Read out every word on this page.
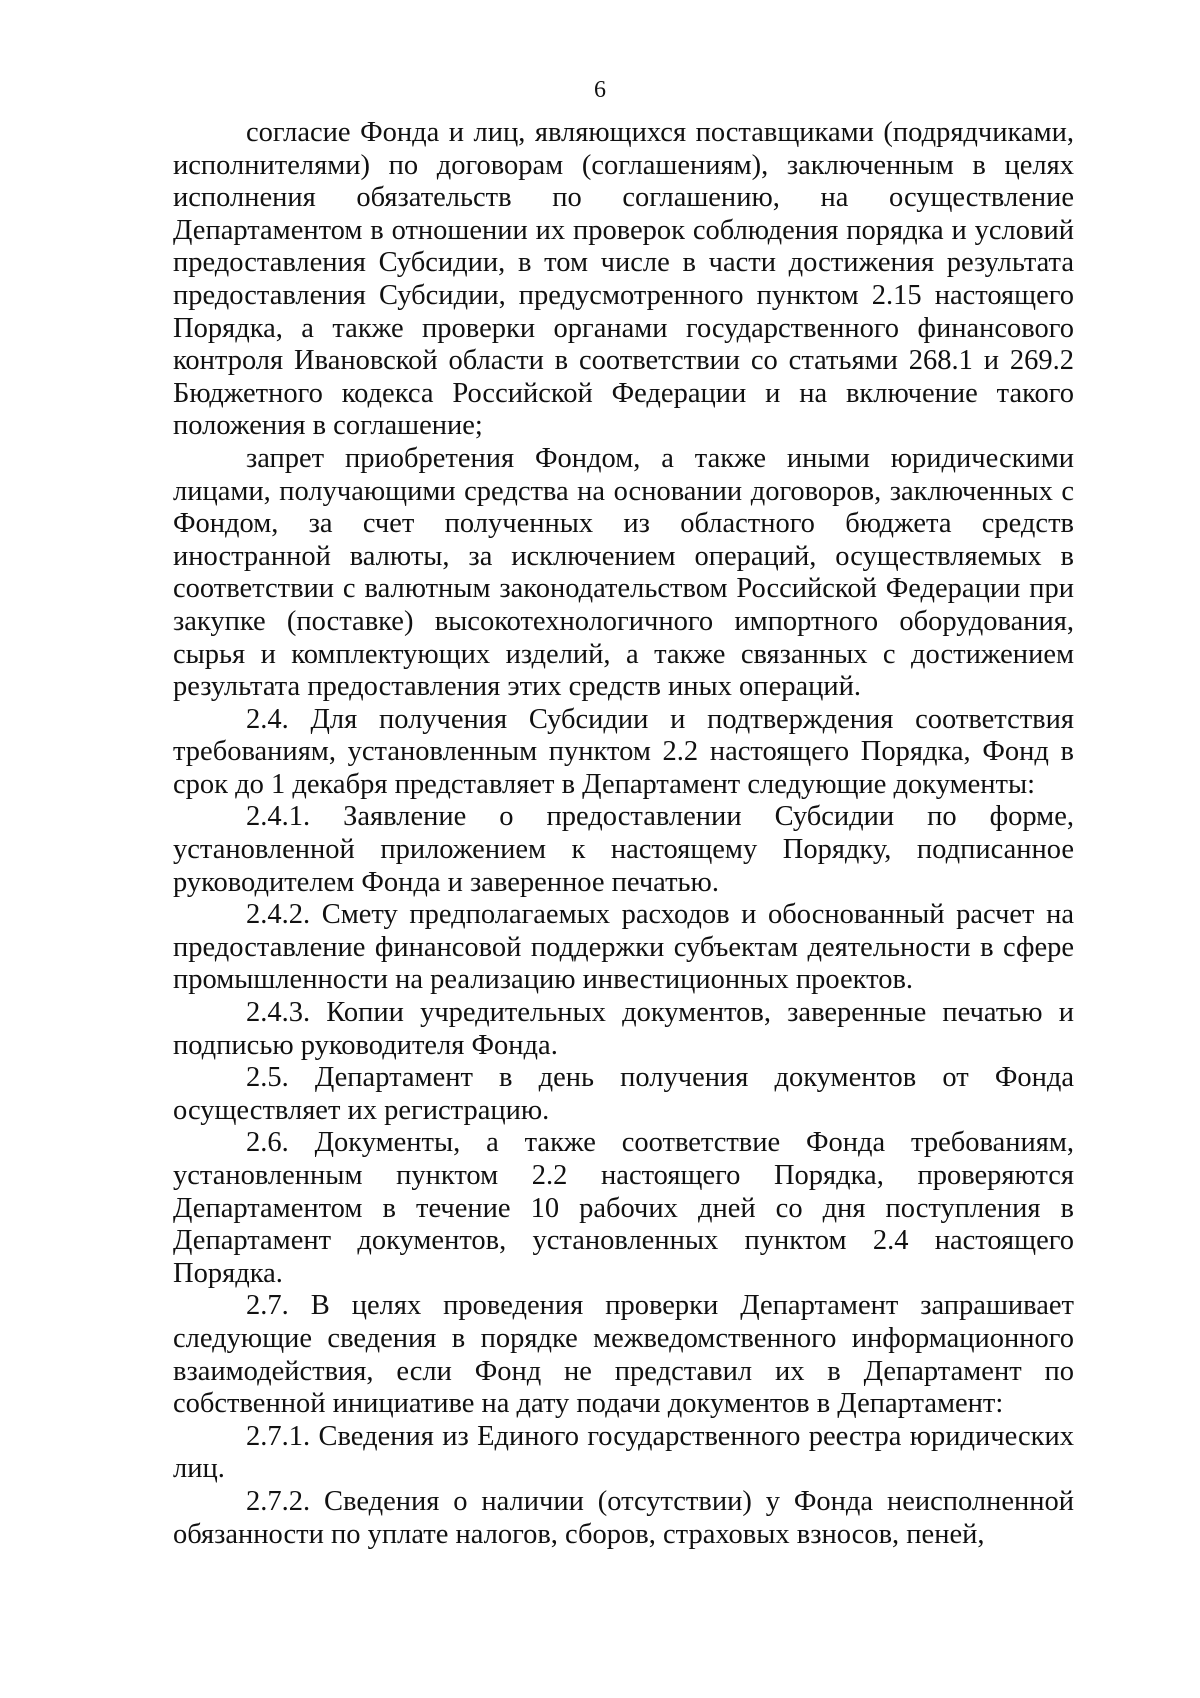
6

согласие Фонда и лиц, являющихся поставщиками (подрядчиками, исполнителями) по договорам (соглашениям), заключенным в целях исполнения обязательств по соглашению, на осуществление Департаментом в отношении их проверок соблюдения порядка и условий предоставления Субсидии, в том числе в части достижения результата предоставления Субсидии, предусмотренного пунктом 2.15 настоящего Порядка, а также проверки органами государственного финансового контроля Ивановской области в соответствии со статьями 268.1 и 269.2 Бюджетного кодекса Российской Федерации и на включение такого положения в соглашение;

запрет приобретения Фондом, а также иными юридическими лицами, получающими средства на основании договоров, заключенных с Фондом, за счет полученных из областного бюджета средств иностранной валюты, за исключением операций, осуществляемых в соответствии с валютным законодательством Российской Федерации при закупке (поставке) высокотехнологичного импортного оборудования, сырья и комплектующих изделий, а также связанных с достижением результата предоставления этих средств иных операций.

2.4. Для получения Субсидии и подтверждения соответствия требованиям, установленным пунктом 2.2 настоящего Порядка, Фонд в срок до 1 декабря представляет в Департамент следующие документы:

2.4.1. Заявление о предоставлении Субсидии по форме, установленной приложением к настоящему Порядку, подписанное руководителем Фонда и заверенное печатью.

2.4.2. Смету предполагаемых расходов и обоснованный расчет на предоставление финансовой поддержки субъектам деятельности в сфере промышленности на реализацию инвестиционных проектов.

2.4.3. Копии учредительных документов, заверенные печатью и подписью руководителя Фонда.

2.5. Департамент в день получения документов от Фонда осуществляет их регистрацию.

2.6. Документы, а также соответствие Фонда требованиям, установленным пунктом 2.2 настоящего Порядка, проверяются Департаментом в течение 10 рабочих дней со дня поступления в Департамент документов, установленных пунктом 2.4 настоящего Порядка.

2.7. В целях проведения проверки Департамент запрашивает следующие сведения в порядке межведомственного информационного взаимодействия, если Фонд не представил их в Департамент по собственной инициативе на дату подачи документов в Департамент:

2.7.1. Сведения из Единого государственного реестра юридических лиц.

2.7.2. Сведения о наличии (отсутствии) у Фонда неисполненной обязанности по уплате налогов, сборов, страховых взносов, пеней,
